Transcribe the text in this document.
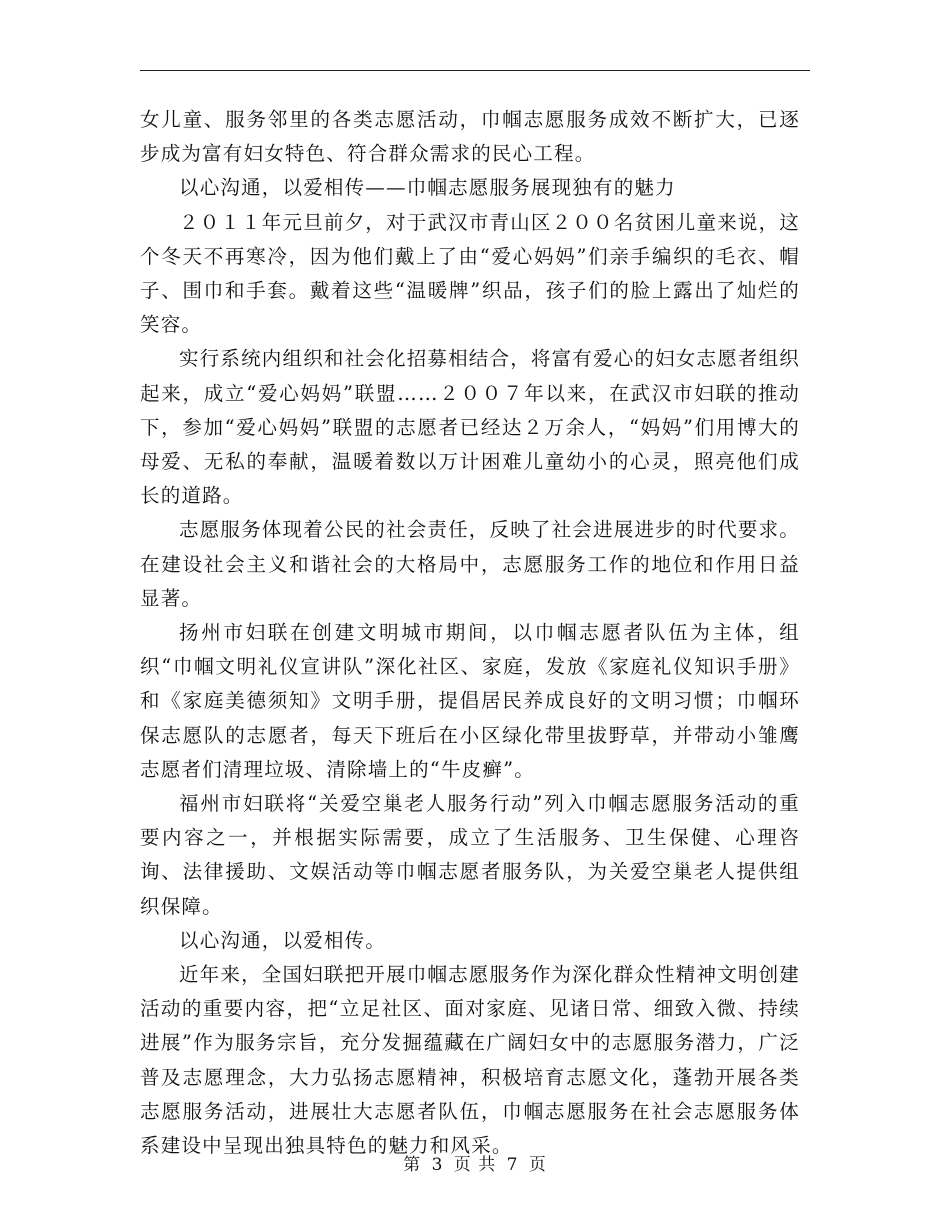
女儿童、服务邻里的各类志愿活动，巾帼志愿服务成效不断扩大，已逐步成为富有妇女特色、符合群众需求的民心工程。

以心沟通，以爱相传——巾帼志愿服务展现独有的魅力

２０１１年元旦前夕，对于武汉市青山区２００名贫困儿童来说，这个冬天不再寒冷，因为他们戴上了由“爱心妈妈”们亲手编织的毛衣、帽子、围巾和手套。戴着这些“温暖牌”织品，孩子们的脸上露出了灿烂的笑容。

实行系统内组织和社会化招募相结合，将富有爱心的妇女志愿者组织起来，成立“爱心妈妈”联盟……２００７年以来，在武汉市妇联的推动下，参加“爱心妈妈”联盟的志愿者已经达２万余人，“妈妈”们用博大的母爱、无私的奉献，温暖着数以万计困难儿童幼小的心灵，照亮他们成长的道路。

志愿服务体现着公民的社会责任，反映了社会进展进步的时代要求。在建设社会主义和谐社会的大格局中，志愿服务工作的地位和作用日益显著。

扬州市妇联在创建文明城市期间，以巾帼志愿者队伍为主体，组织“巾帼文明礼仪宣讲队”深化社区、家庭，发放《家庭礼仪知识手册》和《家庭美德须知》文明手册，提倡居民养成良好的文明习惯；巾帼环保志愿队的志愿者，每天下班后在小区绿化带里拔野草，并带动小雏鹰志愿者们清理垃圾、清除墙上的“牛皮癣”。

福州市妇联将“关爱空巢老人服务行动”列入巾帼志愿服务活动的重要内容之一，并根据实际需要，成立了生活服务、卫生保健、心理咨询、法律援助、文娱活动等巾帼志愿者服务队，为关爱空巢老人提供组织保障。

以心沟通，以爱相传。

近年来，全国妇联把开展巾帼志愿服务作为深化群众性精神文明创建活动的重要内容，把“立足社区、面对家庭、见诸日常、细致入微、持续进展”作为服务宗旨，充分发掘蕴藏在广阔妇女中的志愿服务潜力，广泛普及志愿理念，大力弘扬志愿精神，积极培育志愿文化，蓬勃开展各类志愿服务活动，进展壮大志愿者队伍，巾帼志愿服务在社会志愿服务体系建设中呈现出独具特色的魅力和风采。

第 3 页 共 7 页
